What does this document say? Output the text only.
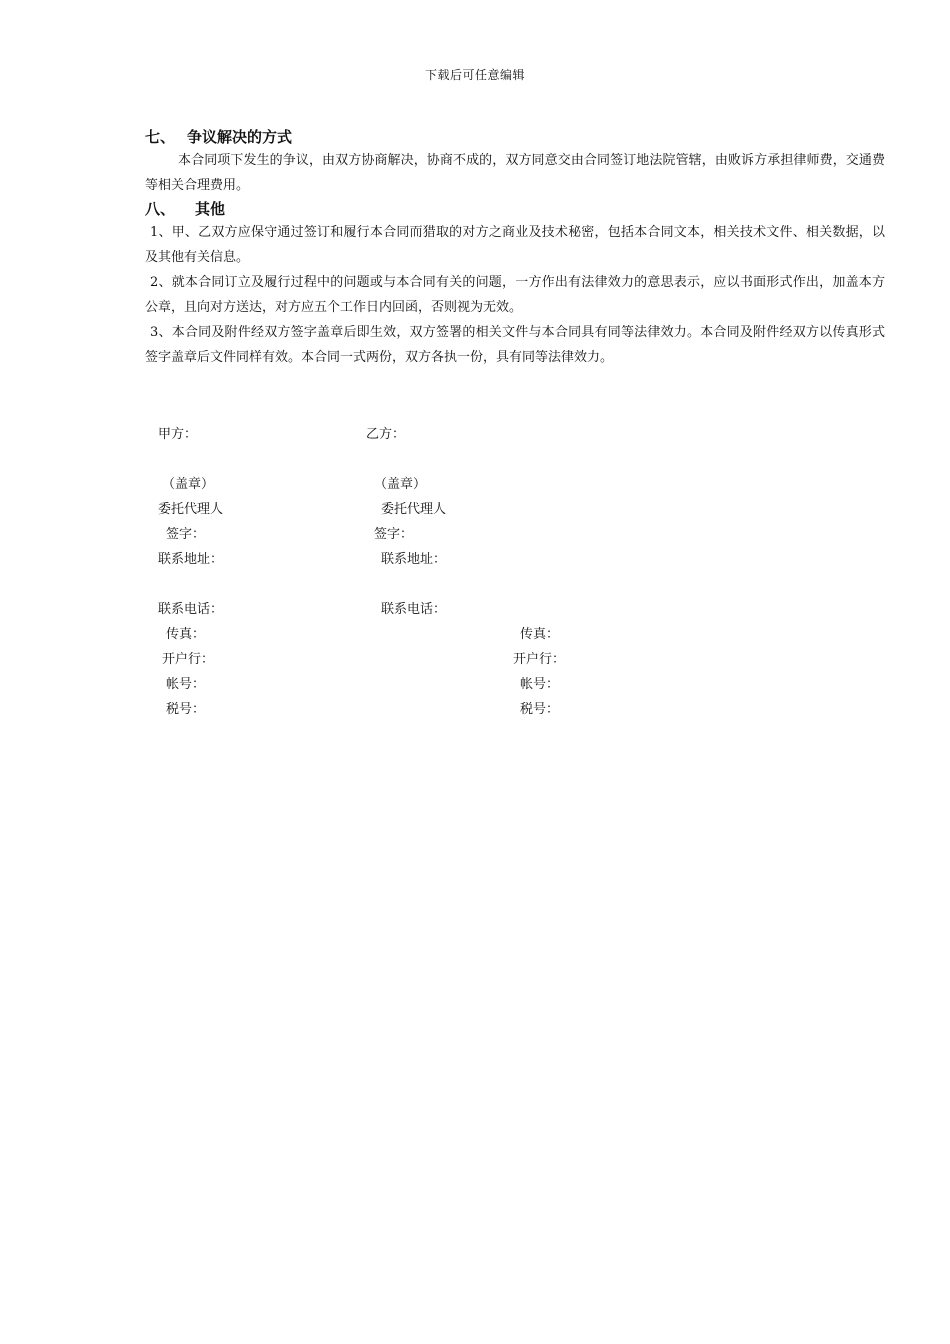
下载后可任意编辑
七、 争议解决的方式

本合同项下发生的争议，由双方协商解决，协商不成的，双方同意交由合同签订地法院管辖，由败诉方承担律师费，交通费等相关合理费用。

八、 其他

1、甲、乙双方应保守通过签订和履行本合同而猎取的对方之商业及技术秘密，包括本合同文本，相关技术文件、相关数据，以及其他有关信息。

2、就本合同订立及履行过程中的问题或与本合同有关的问题，一方作出有法律效力的意思表示，应以书面形式作出，加盖本方公章，且向对方送达，对方应五个工作日内回函，否则视为无效。

3、本合同及附件经双方签字盖章后即生效，双方签署的相关文件与本合同具有同等法律效力。本合同及附件经双方以传真形式签字盖章后文件同样有效。本合同一式两份，双方各执一份，具有同等法律效力。

甲方：
（盖章）
委托代理人
签字：
联系地址：
联系电话：
传真：
开户行：
帐号：
税号：
乙方：
（盖章）
委托代理人
签字：
联系地址：
联系电话：
传真：
开户行：
帐号：
税号：
